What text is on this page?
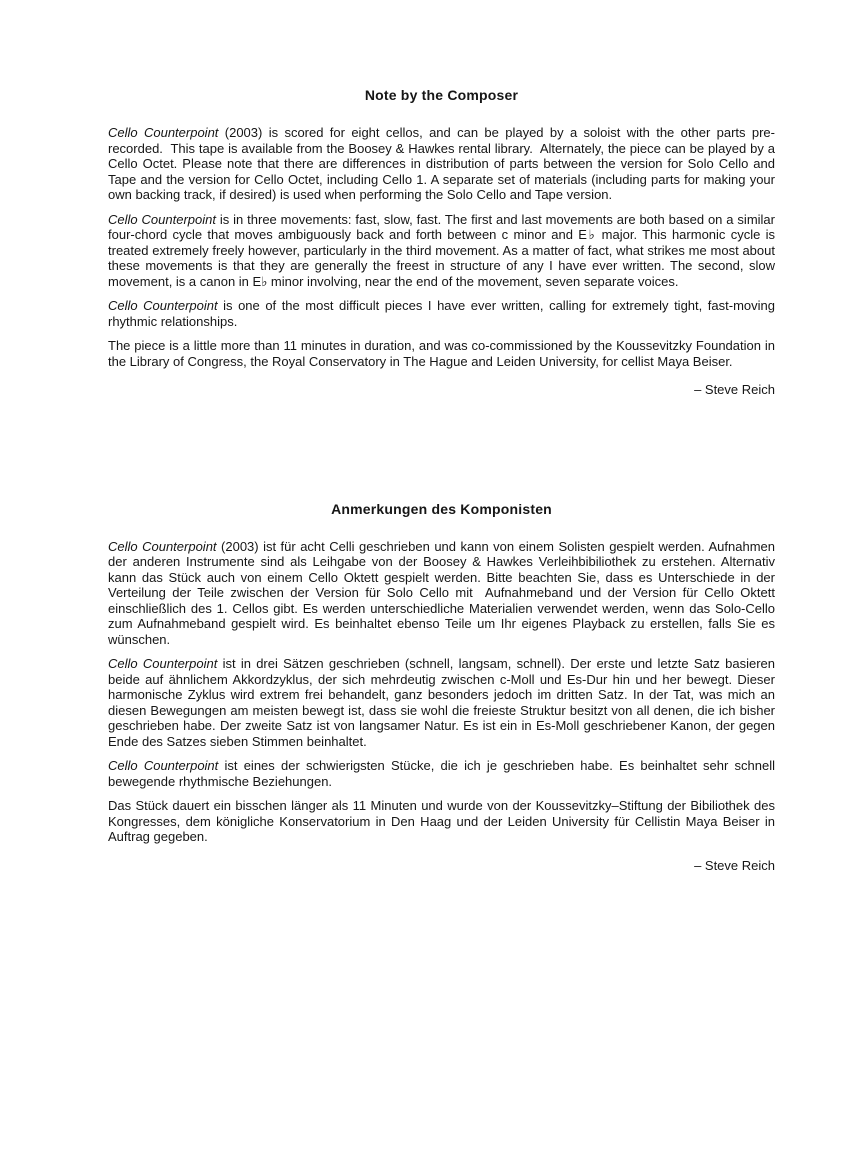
Note by the Composer

Cello Counterpoint (2003) is scored for eight cellos, and can be played by a soloist with the other parts pre-recorded.  This tape is available from the Boosey & Hawkes rental library.  Alternately, the piece can be played by a Cello Octet. Please note that there are differences in distribution of parts between the version for Solo Cello and Tape and the version for Cello Octet, including Cello 1. A separate set of materials (including parts for making your own backing track, if desired) is used when performing the Solo Cello and Tape version.

Cello Counterpoint is in three movements: fast, slow, fast. The first and last movements are both based on a similar four-chord cycle that moves ambiguously back and forth between c minor and E♭ major. This harmonic cycle is treated extremely freely however, particularly in the third movement. As a matter of fact, what strikes me most about these movements is that they are generally the freest in structure of any I have ever written. The second, slow movement, is a canon in E♭ minor involving, near the end of the movement, seven separate voices.

Cello Counterpoint is one of the most difficult pieces I have ever written, calling for extremely tight, fast-moving rhythmic relationships.

The piece is a little more than 11 minutes in duration, and was co-commissioned by the Koussevitzky Foundation in the Library of Congress, the Royal Conservatory in The Hague and Leiden University, for cellist Maya Beiser.

– Steve Reich

Anmerkungen des Komponisten

Cello Counterpoint (2003) ist für acht Celli geschrieben und kann von einem Solisten gespielt werden. Aufnahmen der anderen Instrumente sind als Leihgabe von der Boosey & Hawkes Verleihbibiliothek zu erstehen. Alternativ kann das Stück auch von einem Cello Oktett gespielt werden. Bitte beachten Sie, dass es Unterschiede in der Verteilung der Teile zwischen der Version für Solo Cello mit  Aufnahmeband und der Version für Cello Oktett einschließlich des 1. Cellos gibt. Es werden unterschiedliche Materialien verwendet werden, wenn das Solo-Cello zum Aufnahmeband gespielt wird. Es beinhaltet ebenso Teile um Ihr eigenes Playback zu erstellen, falls Sie es wünschen.

Cello Counterpoint ist in drei Sätzen geschrieben (schnell, langsam, schnell). Der erste und letzte Satz basieren beide auf ähnlichem Akkordzyklus, der sich mehrdeutig zwischen c-Moll und Es-Dur hin und her bewegt. Dieser harmonische Zyklus wird extrem frei behandelt, ganz besonders jedoch im dritten Satz. In der Tat, was mich an diesen Bewegungen am meisten bewegt ist, dass sie wohl die freieste Struktur besitzt von all denen, die ich bisher geschrieben habe. Der zweite Satz ist von langsamer Natur. Es ist ein in Es-Moll geschriebener Kanon, der gegen Ende des Satzes sieben Stimmen beinhaltet.

Cello Counterpoint ist eines der schwierigsten Stücke, die ich je geschrieben habe. Es beinhaltet sehr schnell bewegende rhythmische Beziehungen.

Das Stück dauert ein bisschen länger als 11 Minuten und wurde von der Koussevitzky–Stiftung der Bibiliothek des Kongresses, dem königliche Konservatorium in Den Haag und der Leiden University für Cellistin Maya Beiser in Auftrag gegeben.

– Steve Reich
